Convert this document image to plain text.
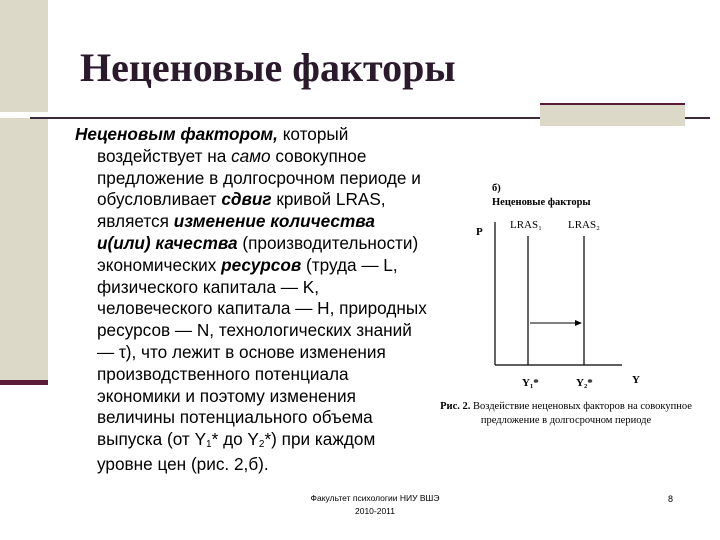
Неценовые факторы

Неценовым фактором, который воздействует на само совокупное предложение в долгосрочном периоде и обусловливает сдвиг кривой LRAS, является изменение количества и(или) качества (производительности) экономических ресурсов (труда — L, физического капитала — K, человеческого капитала — H, природных ресурсов — N, технологических знаний — τ), что лежит в основе изменения производственного потенциала экономики и поэтому изменения величины потенциального объема выпуска (от $Y_1*$ до $Y_2*$) при каждом уровне цен (рис. 2,б).

б)
Неценовые факторы
P
LRAS₁ LRAS₂
Y₁*	Y₂*	Y
Рис. 2. Воздействие неценовых факторов на совокупное предложение в долгосрочном периоде
Факультет психологии НИУ ВШЭ
2010-2011
8
